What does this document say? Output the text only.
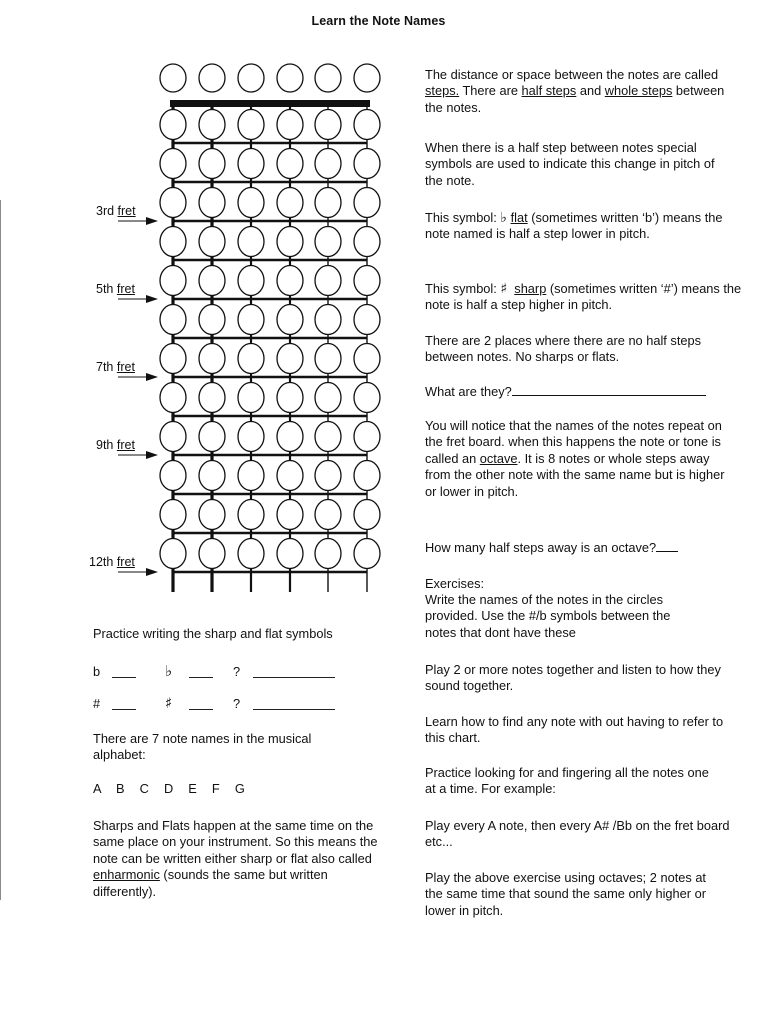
Learn the Note Names
3rd fret
5th fret
7th fret
9th fret
12th fret
Practice writing the sharp and flat symbols
b	♭	?
#	♯	?
There are 7 note names in the musical alphabet:
A  B  C  D  E  F  G
Sharps and Flats happen at the same time on the same place on your instrument. So this means the note can be written either sharp or flat also called enharmonic (sounds the same but written differently).
The distance or space between the notes are called steps. There are half steps and whole steps between the notes.
When there is a half step between notes special symbols are used to indicate this change in pitch of the note.
This symbol: ♭ flat (sometimes written ‘b’) means the note named is half a step lower in pitch.
This symbol: ♯ sharp (sometimes written ‘#’) means the note is half a step higher in pitch.
There are 2 places where there are no half steps between notes. No sharps or flats.
What are they?
You will notice that the names of the notes repeat on the fret board. when this happens the note or tone is called an octave. It is 8 notes or whole steps away from the other note with the same name but is higher or lower in pitch.
How many half steps away is an octave?
Exercises:
Write the names of the notes in the circles provided. Use the #/b symbols between the notes that dont have these
Play 2 or more notes together and listen to how they sound together.
Learn how to find any note with out having to refer to this chart.
Practice looking for and fingering all the notes one at a time. For example:
Play every A note, then every A# /Bb on the fret board etc...
Play the above exercise using octaves; 2 notes at the same time that sound the same only higher or lower in pitch.
